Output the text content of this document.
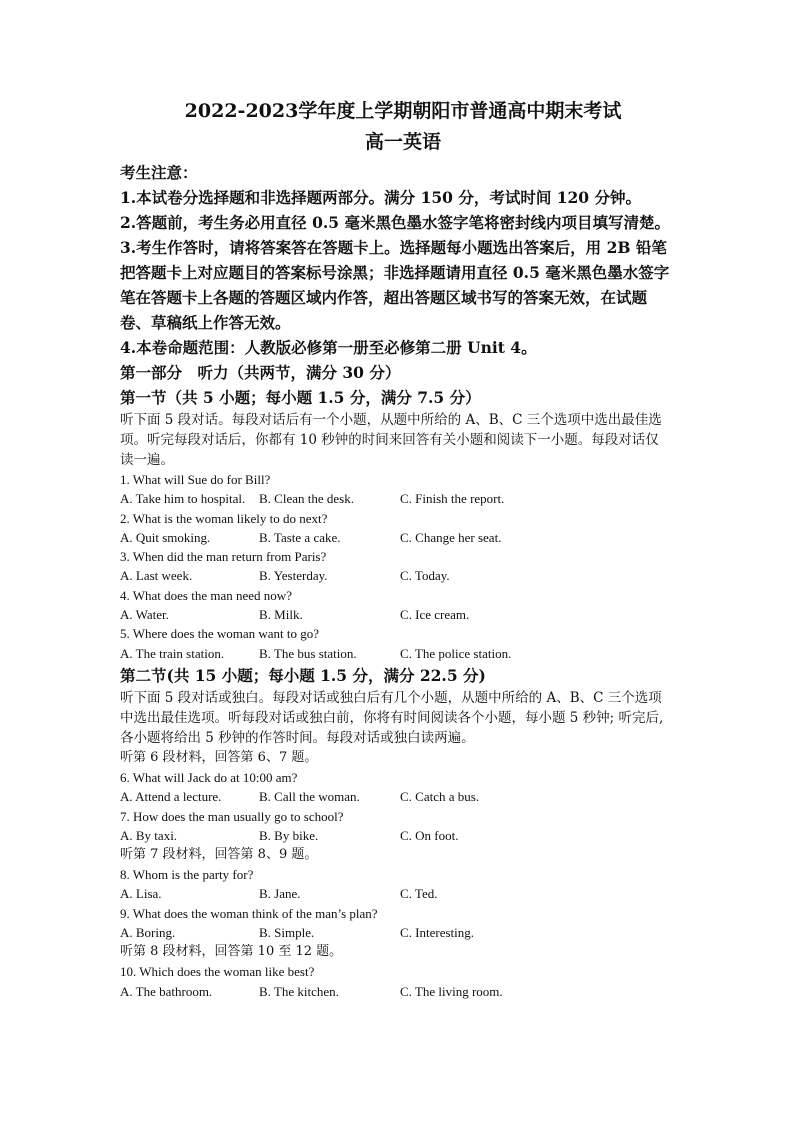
2022-2023学年度上学期朝阳市普通高中期末考试

高一英语

考生注意：

1.本试卷分选择题和非选择题两部分。满分 150 分，考试时间 120 分钟。

2.答题前，考生务必用直径 0.5 毫米黑色墨水签字笔将密封线内项目填写清楚。

3.考生作答时，请将答案答在答题卡上。选择题每小题选出答案后，用 2B 铅笔

把答题卡上对应题目的答案标号涂黑；非选择题请用直径 0.5 毫米黑色墨水签字

笔在答题卡上各题的答题区域内作答，超出答题区域书写的答案无效，在试题

卷、草稿纸上作答无效。

4.本卷命题范围：人教版必修第一册至必修第二册 Unit 4。

第一部分　听力（共两节，满分 30 分）

第一节（共 5 小题；每小题 1.5 分，满分 7.5 分）

听下面 5 段对话。每段对话后有一个小题，从题中所给的 A、B、C 三个选项中选出最佳选

项。听完每段对话后，你都有 10 秒钟的时间来回答有关小题和阅读下一小题。每段对话仅

读一遍。

1. What will Sue do for Bill?

A. Take him to hospital.	B. Clean the desk.	C. Finish the report.

2. What is the woman likely to do next?

A. Quit smoking.	B. Taste a cake.	C. Change her seat.

3. When did the man return from Paris?

A. Last week.	B. Yesterday.	C. Today.

4. What does the man need now?

A. Water.	B. Milk.	C. Ice cream.

5. Where does the woman want to go?

A. The train station.	B. The bus station.	C. The police station.

第二节(共 15 小题；每小题 1.5 分，满分 22.5 分)

听下面 5 段对话或独白。每段对话或独白后有几个小题，从题中所给的 A、B、C 三个选项

中选出最佳选项。听每段对话或独白前，你将有时间阅读各个小题，每小题 5 秒钟; 听完后,

各小题将给出 5 秒钟的作答时间。每段对话或独白读两遍。

听第 6 段材料，回答第 6、7 题。

6. What will Jack do at 10:00 am?

A. Attend a lecture.	B. Call the woman.	C. Catch a bus.

7. How does the man usually go to school?

A. By taxi.	B. By bike.	C. On foot.

听第 7 段材料，回答第 8、9 题。

8. Whom is the party for?

A. Lisa.	B. Jane.	C. Ted.

9. What does the woman think of the man’s plan?

A. Boring.	B. Simple.	C. Interesting.

听第 8 段材料，回答第 10 至 12 题。

10. Which does the woman like best?

A. The bathroom.	B. The kitchen.	C. The living room.
